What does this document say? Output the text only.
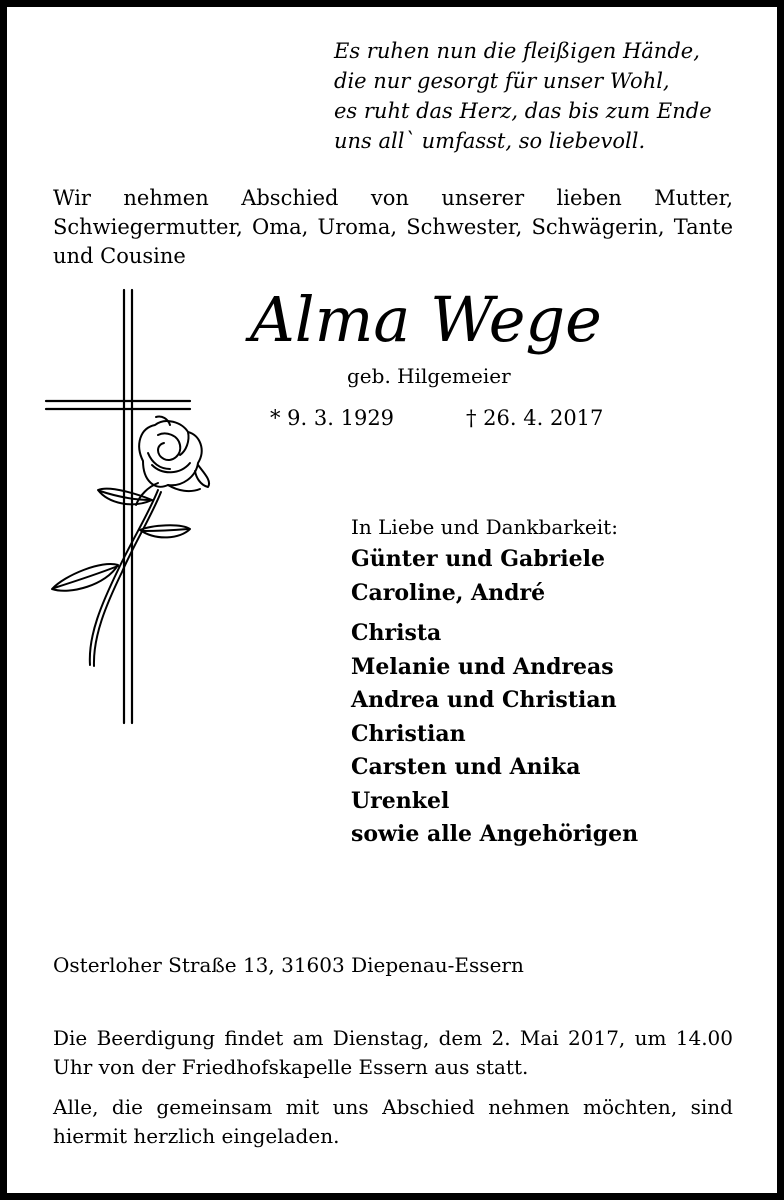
Es ruhen nun die fleißigen Hände,
die nur gesorgt für unser Wohl,
es ruht das Herz, das bis zum Ende
uns all` umfasst, so liebevoll.
Wir nehmen Abschied von unserer lieben Mutter, Schwiegermutter, Oma, Uroma, Schwester, Schwägerin, Tante und Cousine
Alma Wege
geb. Hilgemeier
* 9. 3. 1929	† 26. 4. 2017
In Liebe und Dankbarkeit:
Günter und Gabriele
Caroline, André
Christa
Melanie und Andreas
Andrea und Christian
Christian
Carsten und Anika
Urenkel
sowie alle Angehörigen
Osterloher Straße 13, 31603 Diepenau-Essern
Die Beerdigung findet am Dienstag, dem 2. Mai 2017, um 14.00 Uhr von der Friedhofskapelle Essern aus statt.
Alle, die gemeinsam mit uns Abschied nehmen möchten, sind hiermit herzlich eingeladen.
